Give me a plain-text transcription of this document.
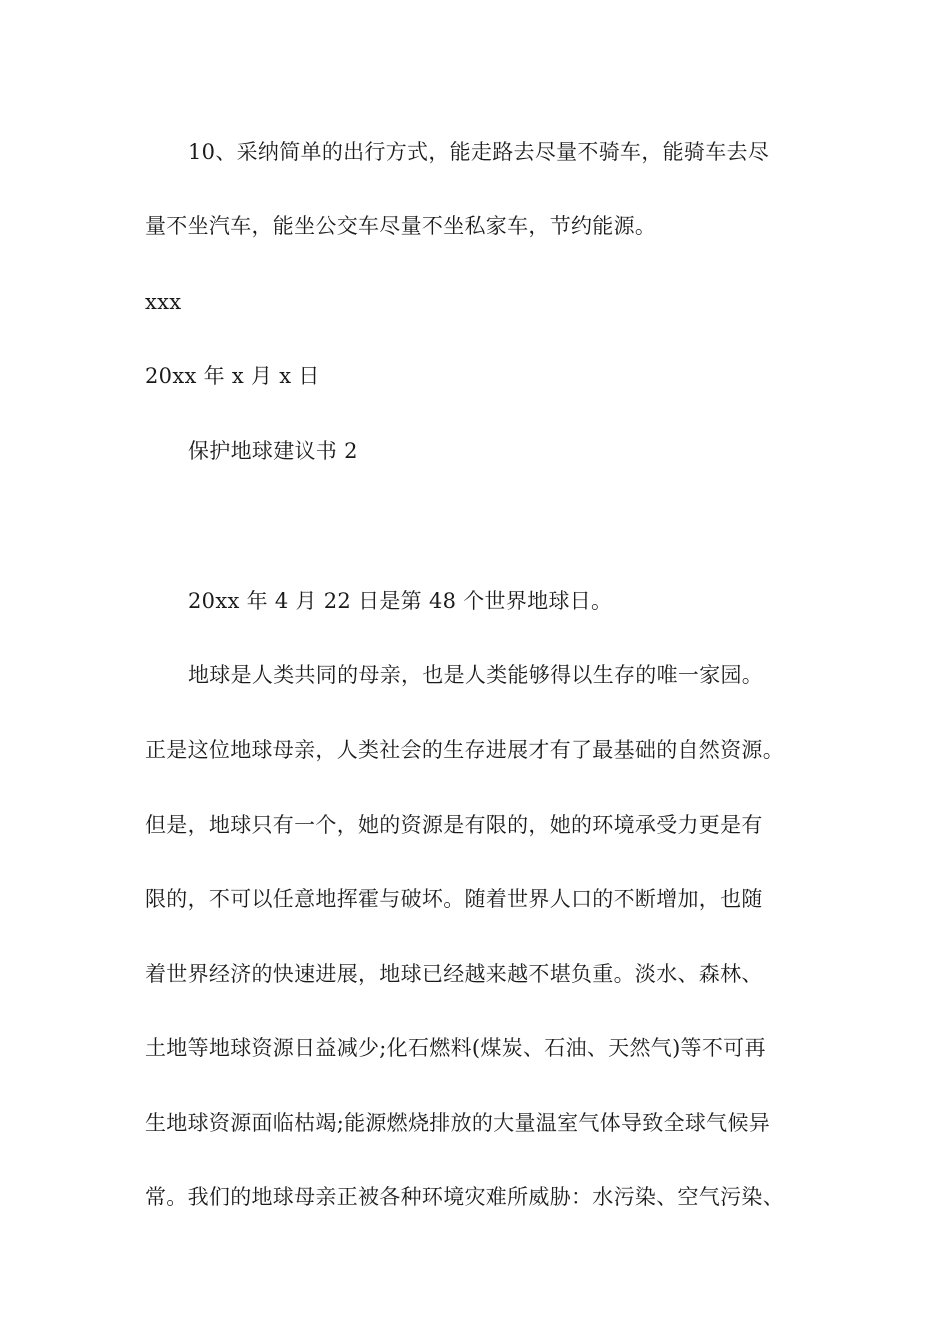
10、采纳简单的出行方式，能走路去尽量不骑车，能骑车去尽
量不坐汽车，能坐公交车尽量不坐私家车，节约能源。
xxx
20xx 年 x 月 x 日
保护地球建议书 2
20xx 年 4 月 22 日是第 48 个世界地球日。
地球是人类共同的母亲，也是人类能够得以生存的唯一家园。
正是这位地球母亲，人类社会的生存进展才有了最基础的自然资源。
但是，地球只有一个，她的资源是有限的，她的环境承受力更是有
限的，不可以任意地挥霍与破坏。随着世界人口的不断增加，也随
着世界经济的快速进展，地球已经越来越不堪负重。淡水、森林、
土地等地球资源日益减少;化石燃料(煤炭、石油、天然气)等不可再
生地球资源面临枯竭;能源燃烧排放的大量温室气体导致全球气候异
常。我们的地球母亲正被各种环境灾难所威胁：水污染、空气污染、
